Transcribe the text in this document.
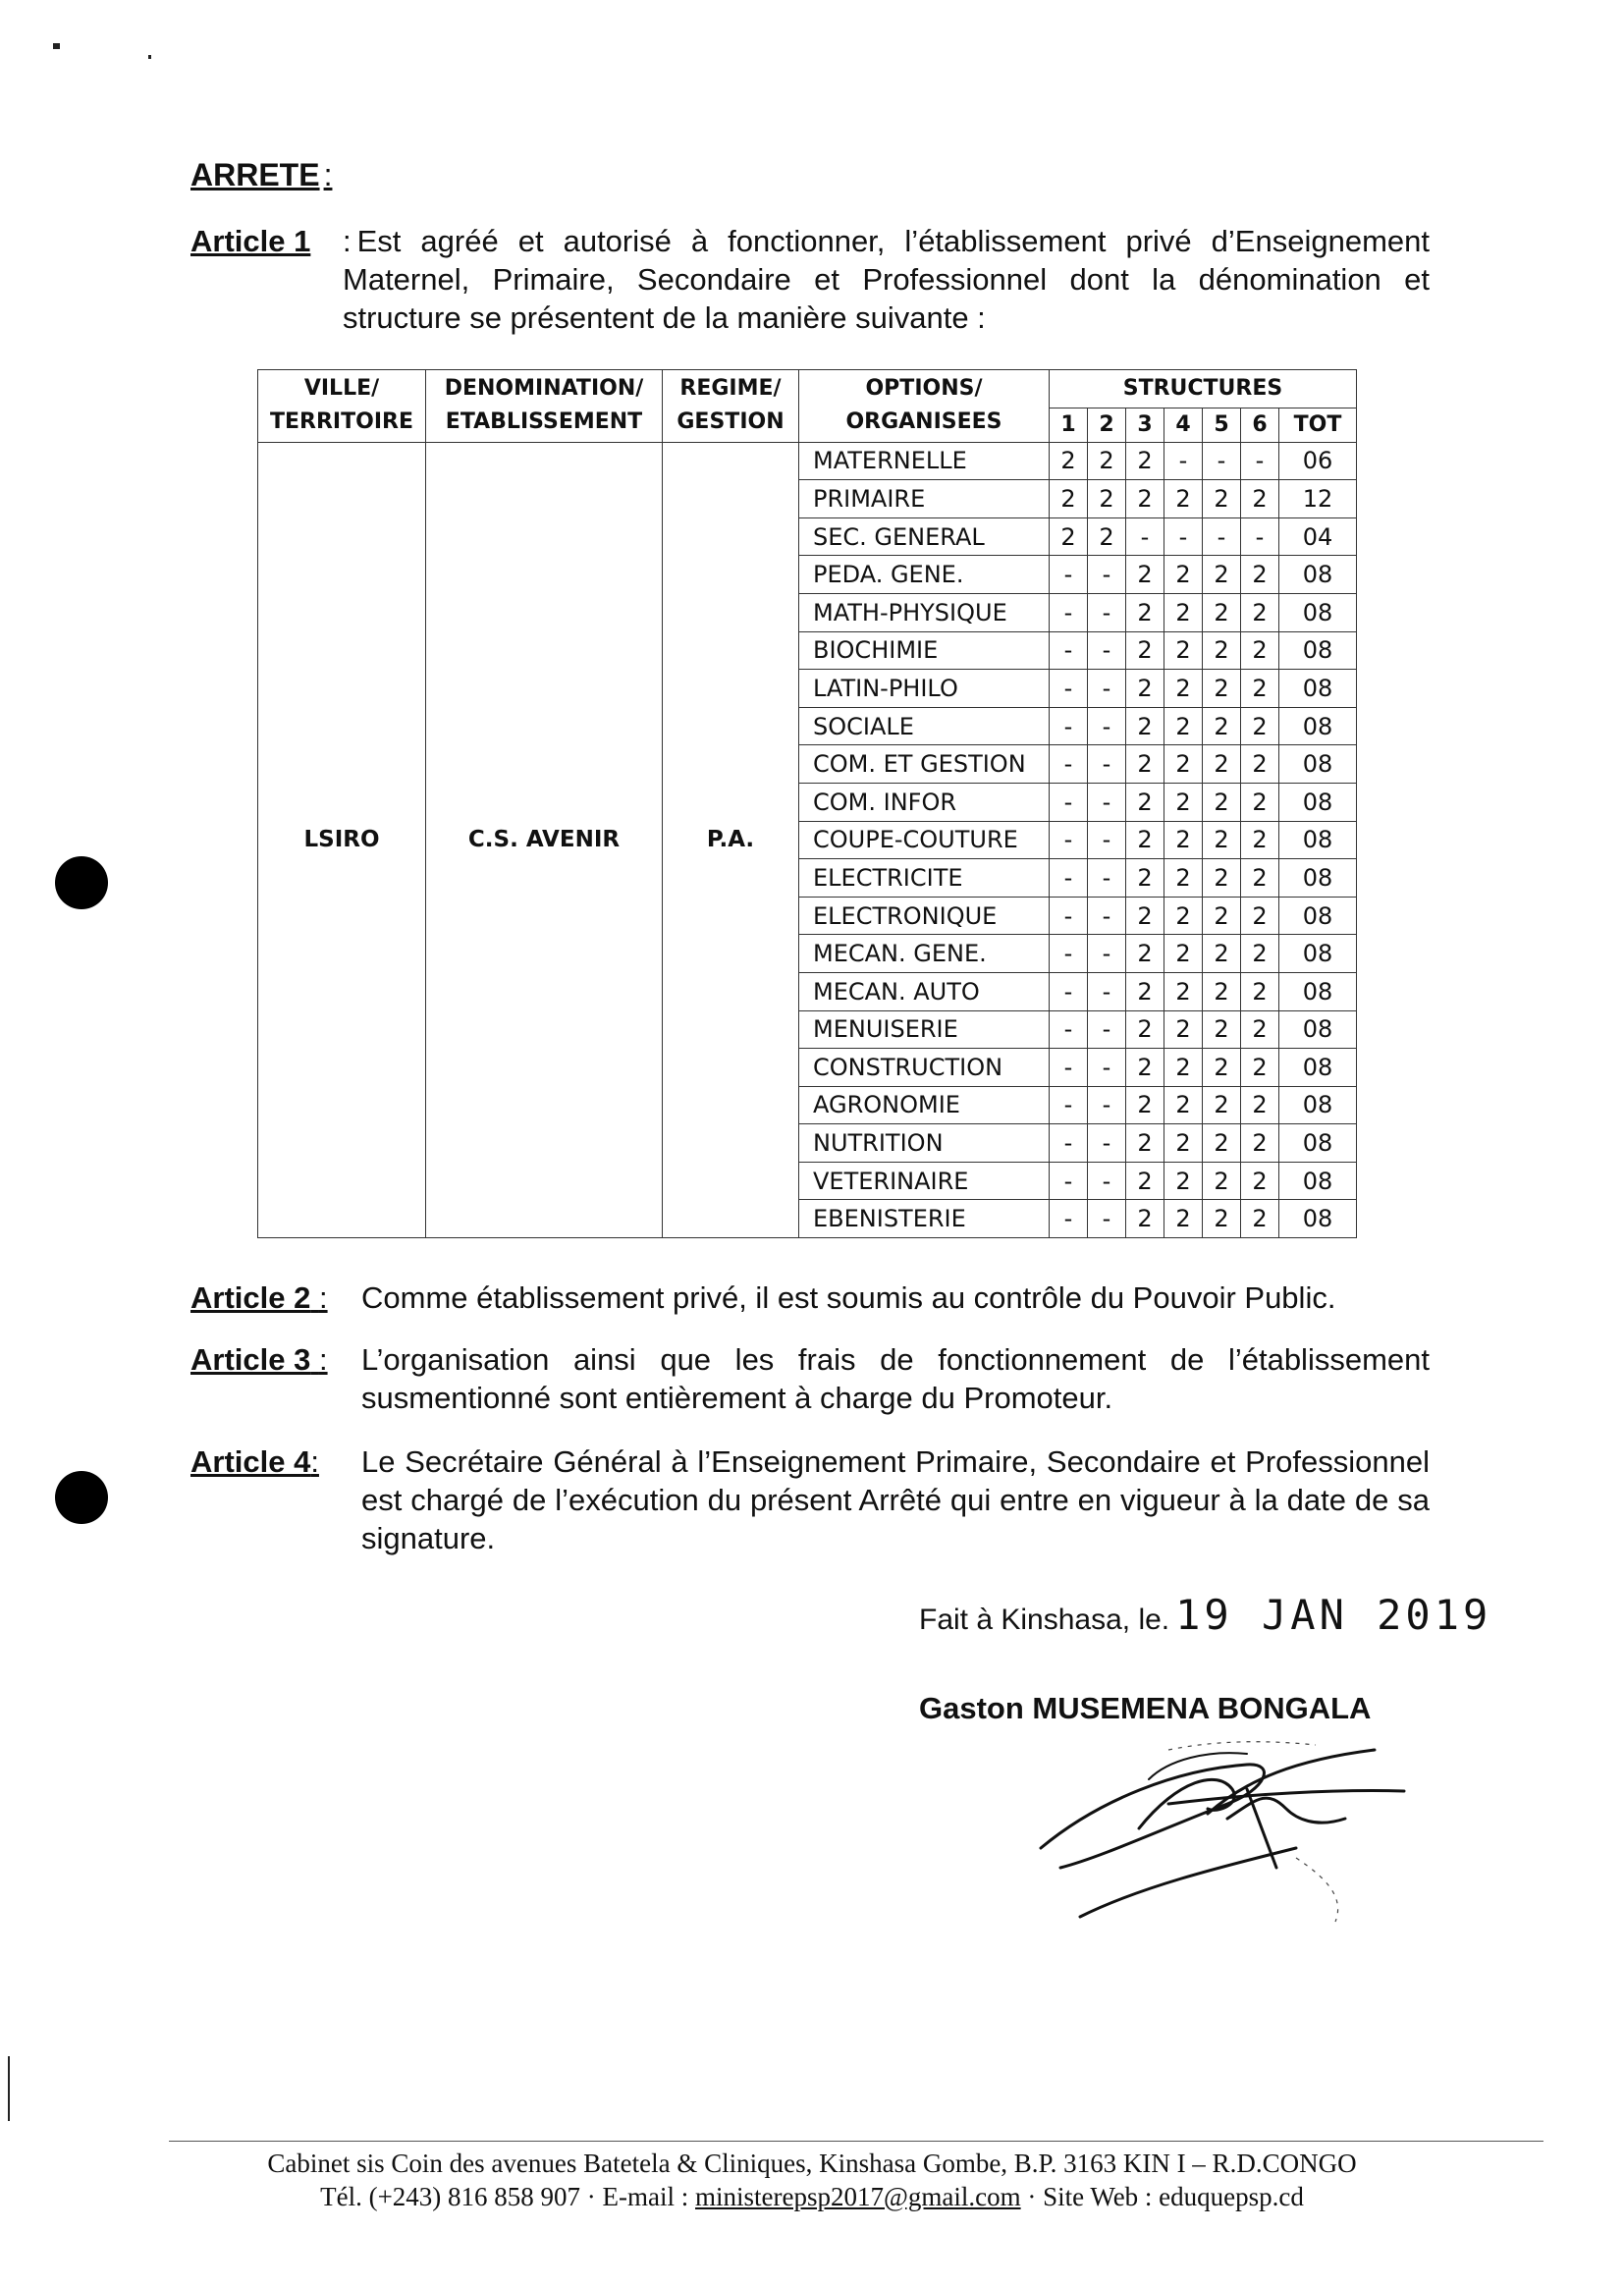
ARRETE :
Article 1 : Est agréé et autorisé à fonctionner, l’établissement privé d’Enseignement Maternel, Primaire, Secondaire et Professionnel dont la dénomination et structure se présentent de la manière suivante :
VILLE/ TERRITOIRE	DENOMINATION/ ETABLISSEMENT	REGIME/ GESTION	OPTIONS/ ORGANISEES	STRUCTURES						
				1	2	3	4	5	6	TOT
LSIRO	C.S. AVENIR	P.A.	MATERNELLE	2	2	2	-	-	-	06
			PRIMAIRE	2	2	2	2	2	2	12
			SEC. GENERAL	2	2	-	-	-	-	04
			PEDA. GENE.	-	-	2	2	2	2	08
			MATH-PHYSIQUE	-	-	2	2	2	2	08
			BIOCHIMIE	-	-	2	2	2	2	08
			LATIN-PHILO	-	-	2	2	2	2	08
			SOCIALE	-	-	2	2	2	2	08
			COM. ET GESTION	-	-	2	2	2	2	08
			COM. INFOR	-	-	2	2	2	2	08
			COUPE-COUTURE	-	-	2	2	2	2	08
			ELECTRICITE	-	-	2	2	2	2	08
			ELECTRONIQUE	-	-	2	2	2	2	08
			MECAN. GENE.	-	-	2	2	2	2	08
			MECAN. AUTO	-	-	2	2	2	2	08
			MENUISERIE	-	-	2	2	2	2	08
			CONSTRUCTION	-	-	2	2	2	2	08
			AGRONOMIE	-	-	2	2	2	2	08
			NUTRITION	-	-	2	2	2	2	08
			VETERINAIRE	-	-	2	2	2	2	08
			EBENISTERIE	-	-	2	2	2	2	08
Article 2 : Comme établissement privé, il est soumis au contrôle du Pouvoir Public.
Article 3 : L’organisation ainsi que les frais de fonctionnement de l’établissement susmentionné sont entièrement à charge du Promoteur.
Article 4: Le Secrétaire Général à l’Enseignement Primaire, Secondaire et Professionnel est chargé de l’exécution du présent Arrêté qui entre en vigueur à la date de sa signature.
Fait à Kinshasa, le. 19 JAN 2019
Gaston MUSEMENA BONGALA
Cabinet sis Coin des avenues Batetela & Cliniques, Kinshasa Gombe, B.P. 3163 KIN I – R.D.CONGO
Tél. (+243) 816 858 907 · E-mail : ministerepsp2017@gmail.com · Site Web : eduquepsp.cd
